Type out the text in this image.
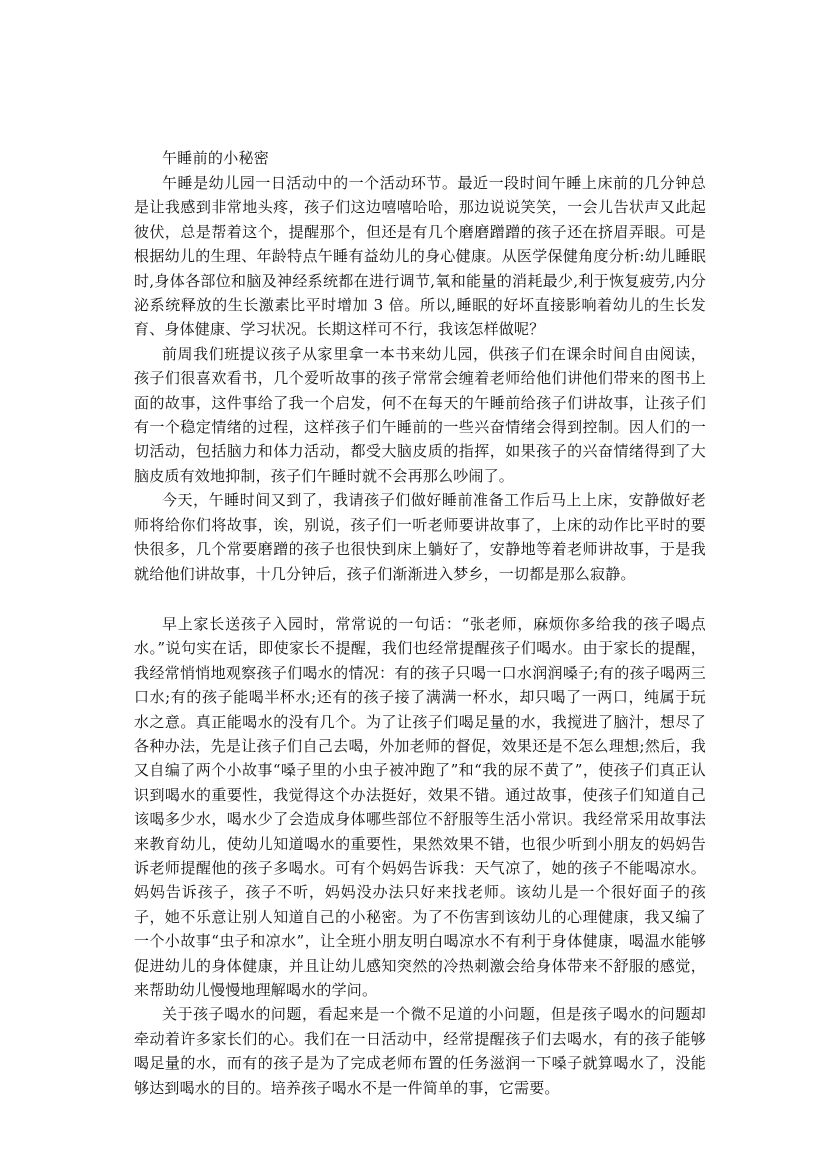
午睡前的小秘密

午睡是幼儿园一日活动中的一个活动环节。最近一段时间午睡上床前的几分钟总是让我感到非常地头疼，孩子们这边嘻嘻哈哈，那边说说笑笑，一会儿告状声又此起彼伏，总是帮着这个，提醒那个，但还是有几个磨磨蹭蹭的孩子还在挤眉弄眼。可是根据幼儿的生理、年龄特点午睡有益幼儿的身心健康。从医学保健角度分析:幼儿睡眠时,身体各部位和脑及神经系统都在进行调节,氧和能量的消耗最少,利于恢复疲劳,内分泌系统释放的生长激素比平时增加 3 倍。所以,睡眠的好坏直接影响着幼儿的生长发育、身体健康、学习状况。长期这样可不行，我该怎样做呢？

前周我们班提议孩子从家里拿一本书来幼儿园，供孩子们在课余时间自由阅读，孩子们很喜欢看书，几个爱听故事的孩子常常会缠着老师给他们讲他们带来的图书上面的故事，这件事给了我一个启发，何不在每天的午睡前给孩子们讲故事，让孩子们有一个稳定情绪的过程，这样孩子们午睡前的一些兴奋情绪会得到控制。因人们的一切活动，包括脑力和体力活动，都受大脑皮质的指挥，如果孩子的兴奋情绪得到了大脑皮质有效地抑制，孩子们午睡时就不会再那么吵闹了。

今天，午睡时间又到了，我请孩子们做好睡前准备工作后马上上床，安静做好老师将给你们将故事，诶，别说，孩子们一听老师要讲故事了，上床的动作比平时的要快很多，几个常要磨蹭的孩子也很快到床上躺好了，安静地等着老师讲故事，于是我就给他们讲故事，十几分钟后，孩子们渐渐进入梦乡，一切都是那么寂静。

早上家长送孩子入园时，常常说的一句话：“张老师，麻烦你多给我的孩子喝点水。”说句实在话，即使家长不提醒，我们也经常提醒孩子们喝水。由于家长的提醒，我经常悄悄地观察孩子们喝水的情况：有的孩子只喝一口水润润嗓子;有的孩子喝两三口水;有的孩子能喝半杯水;还有的孩子接了满满一杯水，却只喝了一两口，纯属于玩水之意。真正能喝水的没有几个。为了让孩子们喝足量的水，我搅进了脑汁，想尽了各种办法，先是让孩子们自己去喝，外加老师的督促，效果还是不怎么理想;然后，我又自编了两个小故事“嗓子里的小虫子被冲跑了”和“我的尿不黄了”，使孩子们真正认识到喝水的重要性，我觉得这个办法挺好，效果不错。通过故事，使孩子们知道自己该喝多少水，喝水少了会造成身体哪些部位不舒服等生活小常识。我经常采用故事法来教育幼儿，使幼儿知道喝水的重要性，果然效果不错，也很少听到小朋友的妈妈告诉老师提醒他的孩子多喝水。可有个妈妈告诉我：天气凉了，她的孩子不能喝凉水。妈妈告诉孩子，孩子不听，妈妈没办法只好来找老师。该幼儿是一个很好面子的孩子，她不乐意让别人知道自己的小秘密。为了不伤害到该幼儿的心理健康，我又编了一个小故事“虫子和凉水”，让全班小朋友明白喝凉水不有利于身体健康，喝温水能够促进幼儿的身体健康，并且让幼儿感知突然的冷热刺激会给身体带来不舒服的感觉，来帮助幼儿慢慢地理解喝水的学问。

关于孩子喝水的问题，看起来是一个微不足道的小问题，但是孩子喝水的问题却牵动着许多家长们的心。我们在一日活动中，经常提醒孩子们去喝水，有的孩子能够喝足量的水，而有的孩子是为了完成老师布置的任务滋润一下嗓子就算喝水了，没能够达到喝水的目的。培养孩子喝水不是一件简单的事，它需要。
